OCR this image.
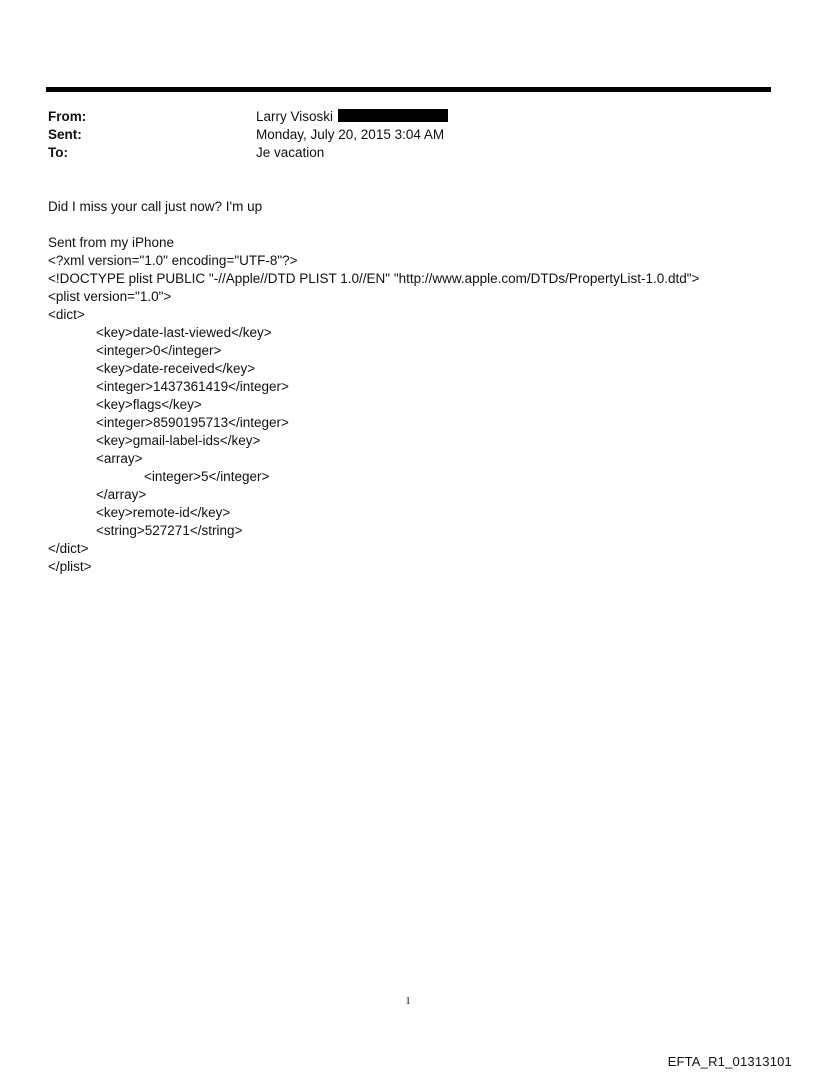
From:	Larry Visoski
Sent:	Monday, July 20, 2015 3:04 AM
To:	Je vacation
Did I miss your call just now? I'm up
Sent from my iPhone
<?xml version="1.0" encoding="UTF-8"?>
<!DOCTYPE plist PUBLIC "-//Apple//DTD PLIST 1.0//EN" "http://www.apple.com/DTDs/PropertyList-1.0.dtd">
<plist version="1.0">
<dict>
<key>date-last-viewed</key>
<integer>0</integer>
<key>date-received</key>
<integer>1437361419</integer>
<key>flags</key>
<integer>8590195713</integer>
<key>gmail-label-ids</key>
<array>
<integer>5</integer>
</array>
<key>remote-id</key>
<string>527271</string>
</dict>
</plist>
1
EFTA_R1_01313101
